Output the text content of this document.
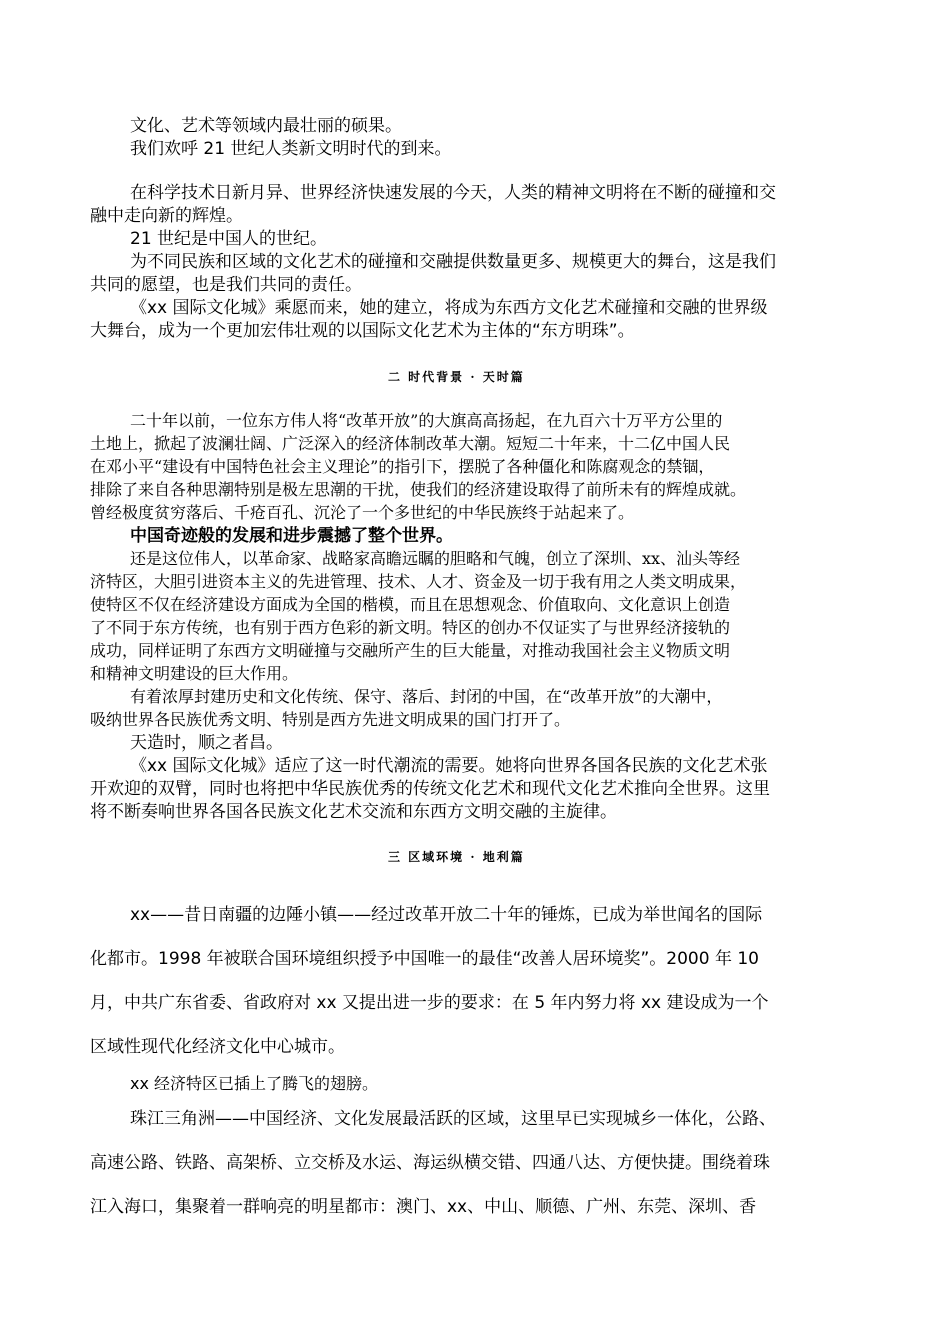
文化、艺术等领域内最壮丽的硕果。
我们欢呼 21 世纪人类新文明时代的到来。
在科学技术日新月异、世界经济快速发展的今天，人类的精神文明将在不断的碰撞和交
融中走向新的辉煌。
21 世纪是中国人的世纪。
为不同民族和区域的文化艺术的碰撞和交融提供数量更多、规模更大的舞台，这是我们
共同的愿望，也是我们共同的责任。
《xx 国际文化城》乘愿而来，她的建立，将成为东西方文化艺术碰撞和交融的世界级
大舞台，成为一个更加宏伟壮观的以国际文化艺术为主体的“东方明珠”。
二 时代背景 · 天时篇
二十年以前，一位东方伟人将“改革开放”的大旗高高扬起，在九百六十万平方公里的
土地上，掀起了波澜壮阔、广泛深入的经济体制改革大潮。短短二十年来，十二亿中国人民
在邓小平“建设有中国特色社会主义理论”的指引下，摆脱了各种僵化和陈腐观念的禁锢，
排除了来自各种思潮特别是极左思潮的干扰，使我们的经济建设取得了前所未有的辉煌成就。
曾经极度贫穷落后、千疮百孔、沉沦了一个多世纪的中华民族终于站起来了。
中国奇迹般的发展和进步震撼了整个世界。
还是这位伟人，以革命家、战略家高瞻远瞩的胆略和气魄，创立了深圳、xx、汕头等经
济特区，大胆引进资本主义的先进管理、技术、人才、资金及一切于我有用之人类文明成果，
使特区不仅在经济建设方面成为全国的楷模，而且在思想观念、价值取向、文化意识上创造
了不同于东方传统，也有别于西方色彩的新文明。特区的创办不仅证实了与世界经济接轨的
成功，同样证明了东西方文明碰撞与交融所产生的巨大能量，对推动我国社会主义物质文明
和精神文明建设的巨大作用。
有着浓厚封建历史和文化传统、保守、落后、封闭的中国，在“改革开放”的大潮中，
吸纳世界各民族优秀文明、特别是西方先进文明成果的国门打开了。
天造时，顺之者昌。
《xx 国际文化城》适应了这一时代潮流的需要。她将向世界各国各民族的文化艺术张
开欢迎的双臂，同时也将把中华民族优秀的传统文化艺术和现代文化艺术推向全世界。这里
将不断奏响世界各国各民族文化艺术交流和东西方文明交融的主旋律。
三 区域环境 · 地利篇
xx——昔日南疆的边陲小镇——经过改革开放二十年的锤炼，已成为举世闻名的国际
化都市。1998 年被联合国环境组织授予中国唯一的最佳“改善人居环境奖”。2000 年 10
月，中共广东省委、省政府对 xx 又提出进一步的要求：在 5 年内努力将 xx 建设成为一个
区域性现代化经济文化中心城市。
xx 经济特区已插上了腾飞的翅膀。
珠江三角洲——中国经济、文化发展最活跃的区域，这里早已实现城乡一体化，公路、
高速公路、铁路、高架桥、立交桥及水运、海运纵横交错、四通八达、方便快捷。围绕着珠
江入海口，集聚着一群响亮的明星都市：澳门、xx、中山、顺德、广州、东莞、深圳、香
